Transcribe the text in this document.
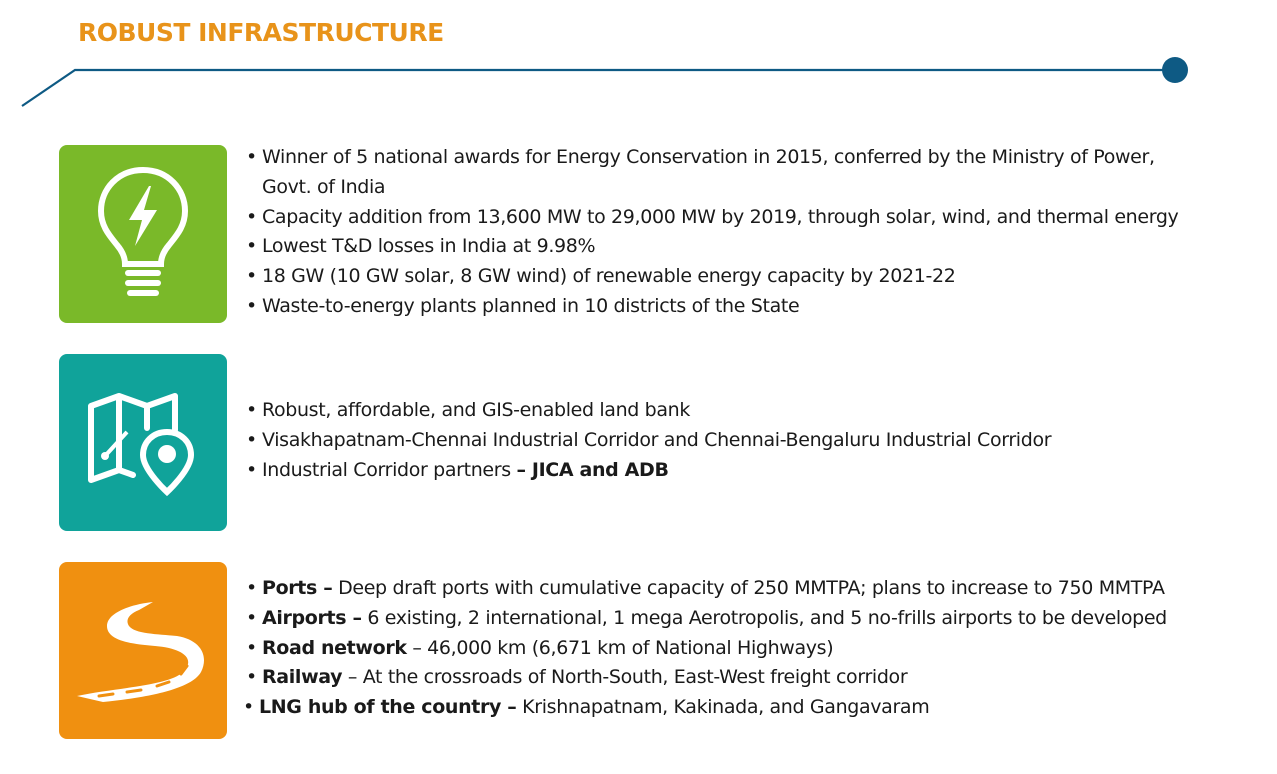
ROBUST INFRASTRUCTURE
• Winner of 5 national awards for Energy Conservation in 2015, conferred by the Ministry of Power,
Govt. of India
• Capacity addition from 13,600 MW to 29,000 MW by 2019, through solar, wind, and thermal energy
• Lowest T&D losses in India at 9.98%
• 18 GW (10 GW solar, 8 GW wind) of renewable energy capacity by 2021-22
• Waste-to-energy plants planned in 10 districts of the State
• Robust, affordable, and GIS-enabled land bank
• Visakhapatnam-Chennai Industrial Corridor and Chennai-Bengaluru Industrial Corridor
• Industrial Corridor partners – JICA and ADB
• Ports – Deep draft ports with cumulative capacity of 250 MMTPA; plans to increase to 750 MMTPA
• Airports – 6 existing, 2 international, 1 mega Aerotropolis, and 5 no-frills airports to be developed
• Road network – 46,000 km (6,671 km of National Highways)
• Railway – At the crossroads of North-South, East-West freight corridor
• LNG hub of the country – Krishnapatnam, Kakinada, and Gangavaram
